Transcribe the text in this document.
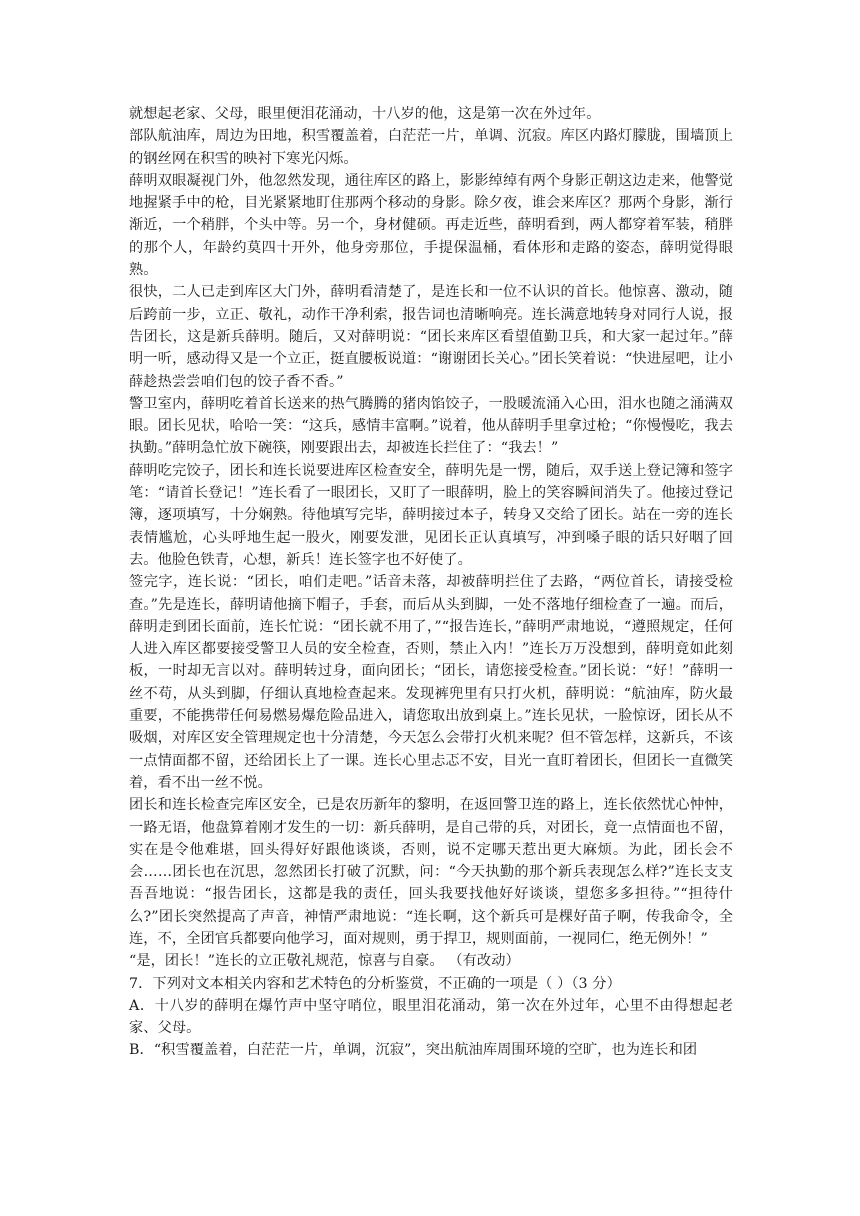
就想起老家、父母，眼里便泪花涌动，十八岁的他，这是第一次在外过年。

部队航油库，周边为田地，积雪覆盖着，白茫茫一片，单调、沉寂。库区内路灯朦胧，围墙顶上的钢丝网在积雪的映衬下寒光闪烁。

薛明双眼凝视门外，他忽然发现，通往库区的路上，影影绰绰有两个身影正朝这边走来，他警觉地握紧手中的枪，目光紧紧地盯住那两个移动的身影。除夕夜，谁会来库区？那两个身影，渐行渐近，一个稍胖，个头中等。另一个，身材健硕。再走近些，薛明看到，两人都穿着军装，稍胖的那个人，年龄约莫四十开外，他身旁那位，手提保温桶，看体形和走路的姿态，薛明觉得眼熟。

很快，二人已走到库区大门外，薛明看清楚了，是连长和一位不认识的首长。他惊喜、激动，随后跨前一步，立正、敬礼，动作干净利索，报告词也清晰响亮。连长满意地转身对同行人说，报告团长，这是新兵薛明。随后，又对薛明说：“团长来库区看望值勤卫兵，和大家一起过年。”薛明一听，感动得又是一个立正，挺直腰板说道：“谢谢团长关心。”团长笑着说：“快进屋吧，让小薛趁热尝尝咱们包的饺子香不香。”

警卫室内，薛明吃着首长送来的热气腾腾的猪肉馅饺子，一股暖流涌入心田，泪水也随之涌满双眼。团长见状，哈哈一笑：“这兵，感情丰富啊。”说着，他从薛明手里拿过枪；“你慢慢吃，我去执勤。”薛明急忙放下碗筷，刚要跟出去，却被连长拦住了：“我去！”

薛明吃完饺子，团长和连长说要进库区检查安全，薛明先是一愣，随后，双手送上登记簿和签字笔：“请首长登记！”连长看了一眼团长，又盯了一眼薛明，脸上的笑容瞬间消失了。他接过登记簿，逐项填写，十分娴熟。待他填写完毕，薛明接过本子，转身又交给了团长。站在一旁的连长表情尴尬，心头呼地生起一股火，刚要发泄，见团长正认真填写，冲到嗓子眼的话只好咽了回去。他脸色铁青，心想，新兵！连长签字也不好使了。

签完字，连长说：“团长，咱们走吧。”话音未落，却被薛明拦住了去路，“两位首长，请接受检查。”先是连长，薛明请他摘下帽子，手套，而后从头到脚，一处不落地仔细检查了一遍。而后，薛明走到团长面前，连长忙说：“团长就不用了，”“报告连长，”薛明严肃地说，“遵照规定，任何人进入库区都要接受警卫人员的安全检查，否则，禁止入内！”连长万万没想到，薛明竟如此刻板，一时却无言以对。薛明转过身，面向团长；“团长，请您接受检查。”团长说：“好！”薛明一丝不苟，从头到脚，仔细认真地检查起来。发现裤兜里有只打火机，薛明说：“航油库，防火最重要，不能携带任何易燃易爆危险品进入，请您取出放到桌上。”连长见状，一脸惊讶，团长从不吸烟，对库区安全管理规定也十分清楚，今天怎么会带打火机来呢？但不管怎样，这新兵，不该一点情面都不留，还给团长上了一课。连长心里忐忑不安，目光一直盯着团长，但团长一直微笑着，看不出一丝不悦。

团长和连长检查完库区安全，已是农历新年的黎明，在返回警卫连的路上，连长依然忧心忡忡，一路无语，他盘算着刚才发生的一切：新兵薛明，是自己带的兵，对团长，竟一点情面也不留，实在是令他难堪，回头得好好跟他谈谈，否则，说不定哪天惹出更大麻烦。为此，团长会不会……团长也在沉思，忽然团长打破了沉默，问：“今天执勤的那个新兵表现怎么样?”连长支支吾吾地说：“报告团长，这都是我的责任，回头我要找他好好谈谈，望您多多担待。”“担待什么?”团长突然提高了声音，神情严肃地说：“连长啊，这个新兵可是棵好苗子啊，传我命令，全连，不，全团官兵都要向他学习，面对规则，勇于捍卫，规则面前，一视同仁，绝无例外！”

“是，团长！”连长的立正敬礼规范，惊喜与自豪。 （有改动）

7．下列对文本相关内容和艺术特色的分析鉴赏，不正确的一项是（ ）（3 分）

A．十八岁的薛明在爆竹声中坚守哨位，眼里泪花涌动，第一次在外过年，心里不由得想起老家、父母。

B．“积雪覆盖着，白茫茫一片，单调，沉寂”，突出航油库周围环境的空旷，也为连长和团
